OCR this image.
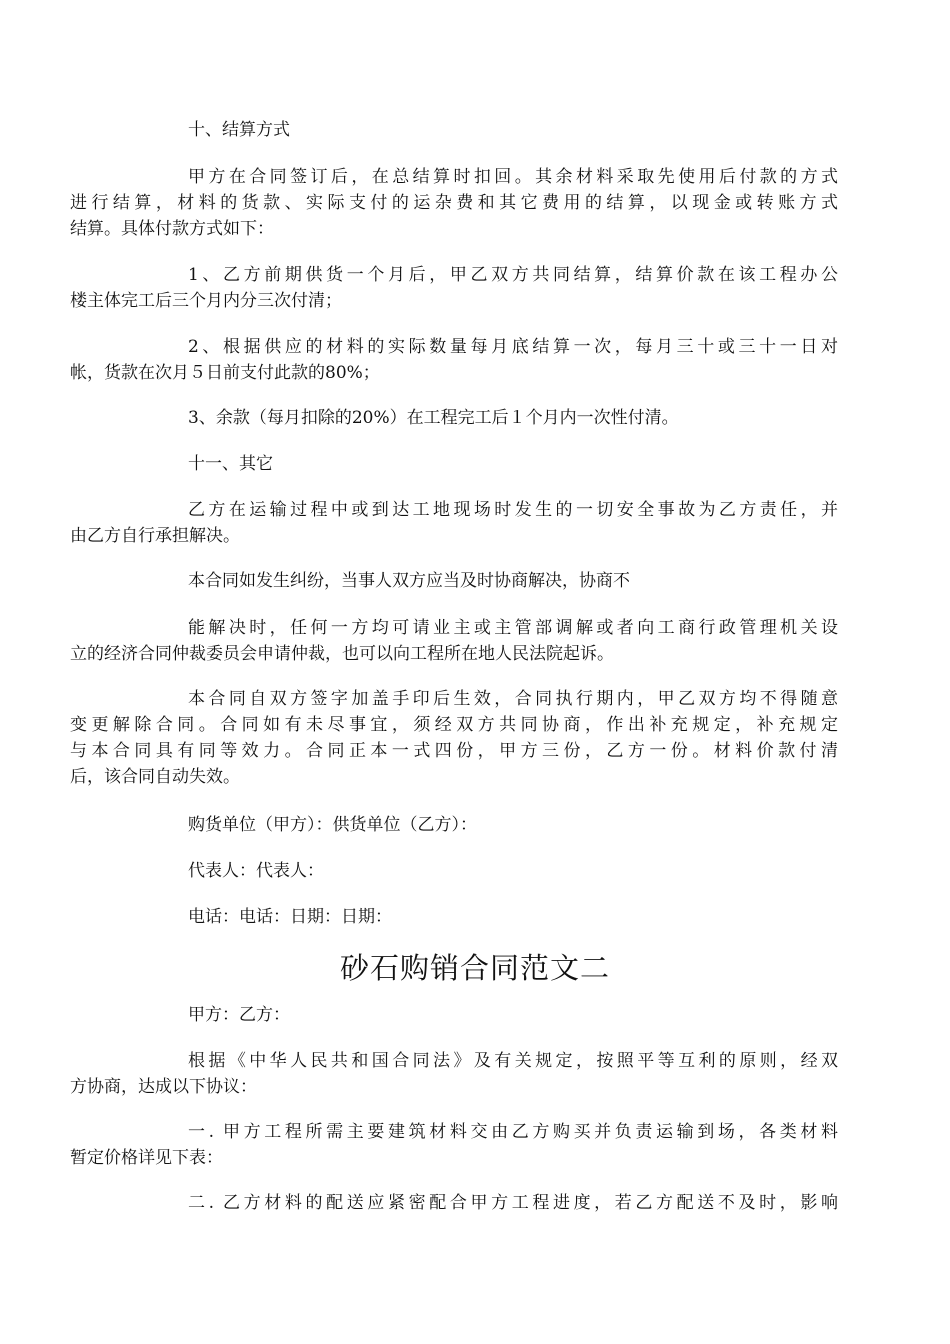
十、结算方式

甲方在合同签订后，在总结算时扣回。其余材料采取先使用后付款的方式
进行结算，材料的货款、实际支付的运杂费和其它费用的结算，以现金或转账方式
结算。具体付款方式如下：
1、乙方前期供货一个月后，甲乙双方共同结算，结算价款在该工程办公
楼主体完工后三个月内分三次付清；
2、根据供应的材料的实际数量每月底结算一次，每月三十或三十一日对
帐，货款在次月５日前支付此款的80%；

3、余款（每月扣除的20%）在工程完工后１个月内一次性付清。

十一、其它

乙方在运输过程中或到达工地现场时发生的一切安全事故为乙方责任，并
由乙方自行承担解决。

本合同如发生纠纷，当事人双方应当及时协商解决，协商不

能解决时，任何一方均可请业主或主管部调解或者向工商行政管理机关设
立的经济合同仲裁委员会申请仲裁，也可以向工程所在地人民法院起诉。
本合同自双方签字加盖手印后生效，合同执行期内，甲乙双方均不得随意
变更解除合同。合同如有未尽事宜，须经双方共同协商，作出补充规定，补充规定
与本合同具有同等效力。合同正本一式四份，甲方三份，乙方一份。材料价款付清
后，该合同自动失效。

购货单位（甲方）：供货单位（乙方）：

代表人：代表人：

电话：电话：日期：日期：

砂石购销合同范文二

甲方：乙方：

根据《中华人民共和国合同法》及有关规定，按照平等互利的原则，经双
方协商，达成以下协议：
一. 甲方工程所需主要建筑材料交由乙方购买并负责运输到场，各类材料
暂定价格详见下表：
二. 乙方材料的配送应紧密配合甲方工程进度，若乙方配送不及时，影响
